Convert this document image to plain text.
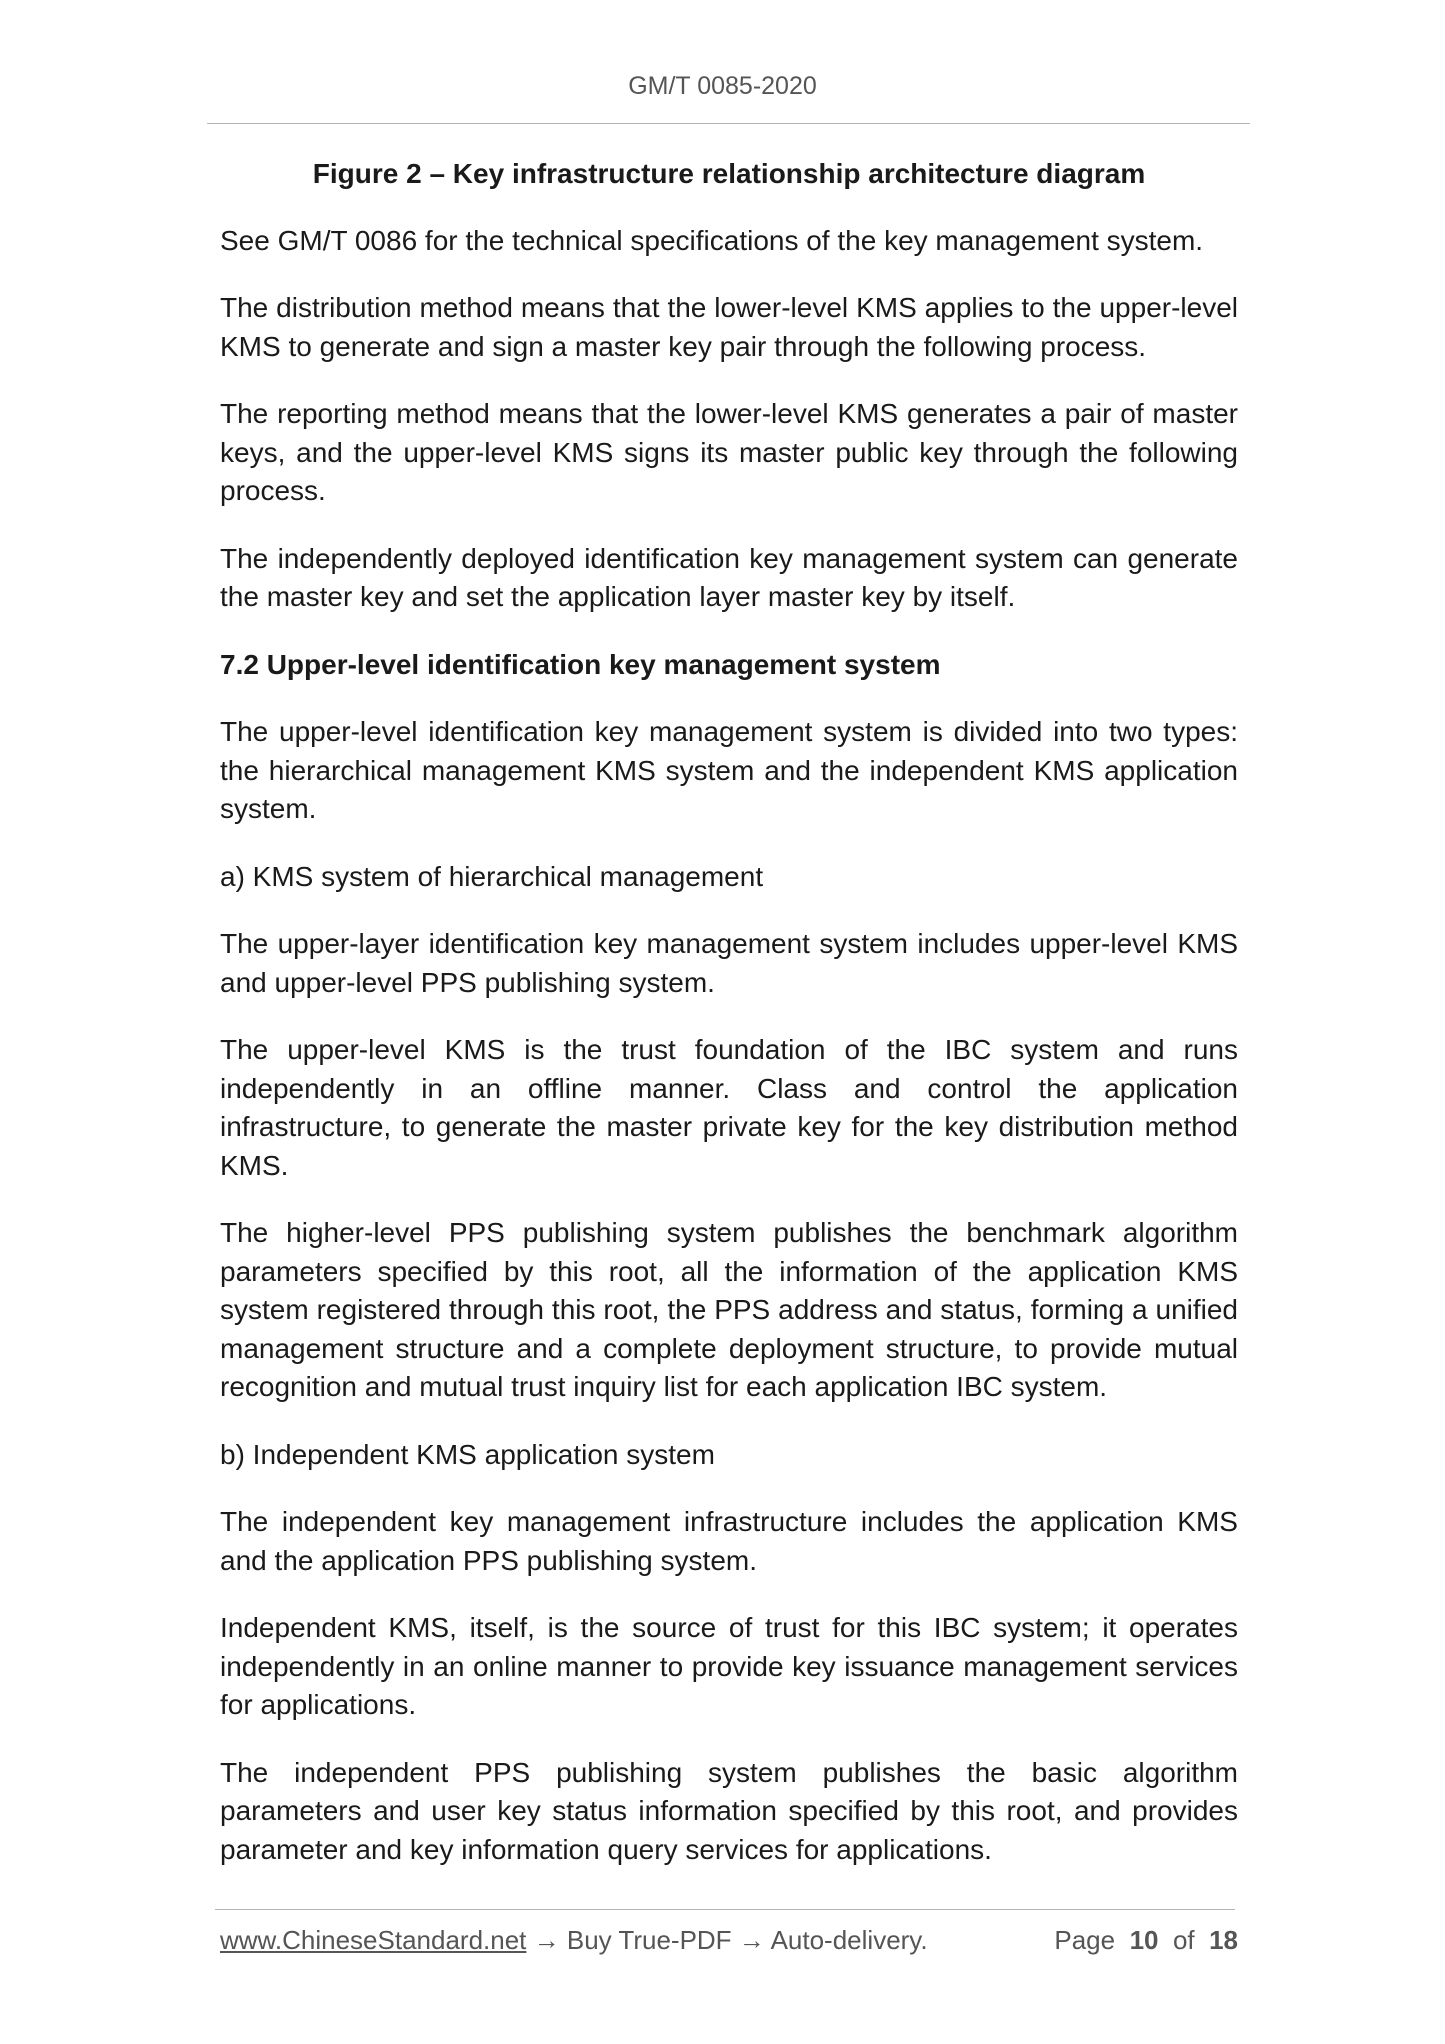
GM/T 0085-2020

Figure 2 – Key infrastructure relationship architecture diagram

See GM/T 0086 for the technical specifications of the key management system.

The distribution method means that the lower-level KMS applies to the upper-level KMS to generate and sign a master key pair through the following process.

The reporting method means that the lower-level KMS generates a pair of master keys, and the upper-level KMS signs its master public key through the following process.

The independently deployed identification key management system can generate the master key and set the application layer master key by itself.

7.2 Upper-level identification key management system

The upper-level identification key management system is divided into two types: the hierarchical management KMS system and the independent KMS application system.

a) KMS system of hierarchical management

The upper-layer identification key management system includes upper-level KMS and upper-level PPS publishing system.

The upper-level KMS is the trust foundation of the IBC system and runs independently in an offline manner. Class and control the application infrastructure, to generate the master private key for the key distribution method KMS.

The higher-level PPS publishing system publishes the benchmark algorithm parameters specified by this root, all the information of the application KMS system registered through this root, the PPS address and status, forming a unified management structure and a complete deployment structure, to provide mutual recognition and mutual trust inquiry list for each application IBC system.

b) Independent KMS application system

The independent key management infrastructure includes the application KMS and the application PPS publishing system.

Independent KMS, itself, is the source of trust for this IBC system; it operates independently in an online manner to provide key issuance management services for applications.

The independent PPS publishing system publishes the basic algorithm parameters and user key status information specified by this root, and provides parameter and key information query services for applications.

www.ChineseStandard.net → Buy True-PDF → Auto-delivery.	Page 10 of 18
